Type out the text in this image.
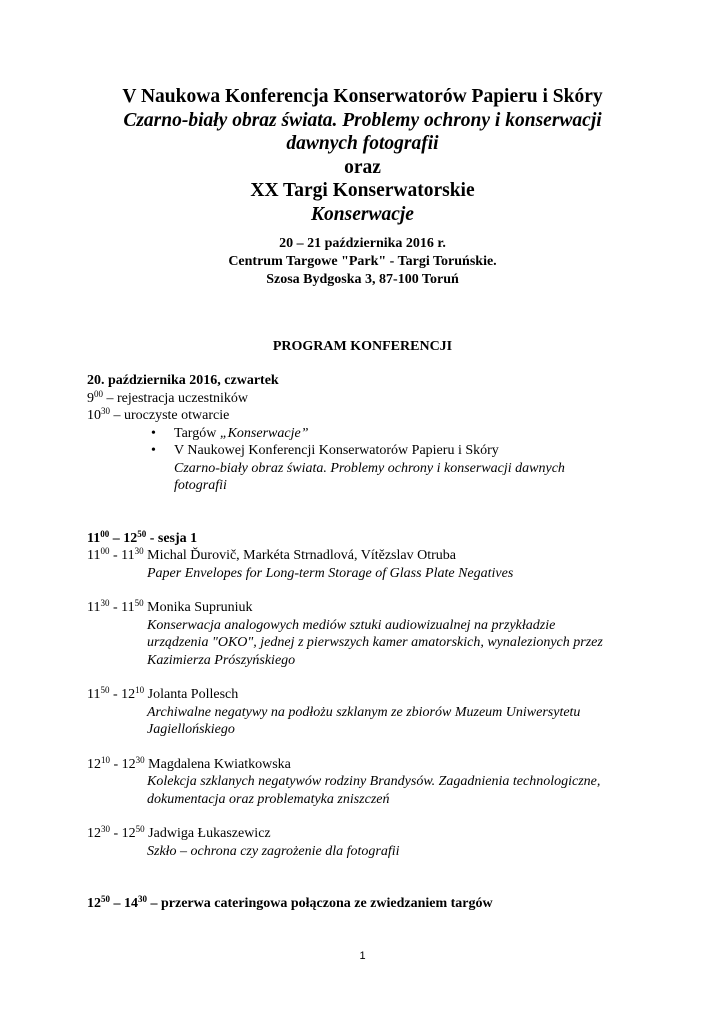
V Naukowa Konferencja Konserwatorów Papieru i Skóry
Czarno-biały obraz świata. Problemy ochrony i konserwacji
dawnych fotografii
oraz
XX Targi Konserwatorskie
Konserwacje
20 – 21 października 2016 r.
Centrum Targowe "Park" - Targi Toruńskie.
Szosa Bydgoska 3, 87-100 Toruń
PROGRAM KONFERENCJI
20. października 2016, czwartek
$9^{00}$ – rejestracja uczestników
$10^{30}$ – uroczyste otwarcie
• Targów „Konserwacje”
• V Naukowej Konferencji Konserwatorów Papieru i Skóry
Czarno-biały obraz świata. Problemy ochrony i konserwacji dawnych
fotografii
$11^{00} - 12^{50}$ - sesja 1
$11^{00} - 11^{30}$ Michal Ďurovič, Markéta Strnadlová, Vítězslav Otruba
Paper Envelopes for Long-term Storage of Glass Plate Negatives
$11^{30} - 11^{50}$ Monika Supruniuk
Konserwacja analogowych mediów sztuki audiowizualnej na przykładzie
urządzenia "OKO", jednej z pierwszych kamer amatorskich, wynalezionych przez
Kazimierza Prószyńskiego
$11^{50} - 12^{10}$ Jolanta Pollesch
Archiwalne negatywy na podłożu szklanym ze zbiorów Muzeum Uniwersytetu
Jagiellońskiego
$12^{10} - 12^{30}$ Magdalena Kwiatkowska
Kolekcja szklanych negatywów rodziny Brandysów. Zagadnienia technologiczne,
dokumentacja oraz problematyka zniszczeń
$12^{30} - 12^{50}$ Jadwiga Łukaszewicz
Szkło – ochrona czy zagrożenie dla fotografii
$12^{50} - 14^{30}$ – przerwa cateringowa połączona ze zwiedzaniem targów
1
